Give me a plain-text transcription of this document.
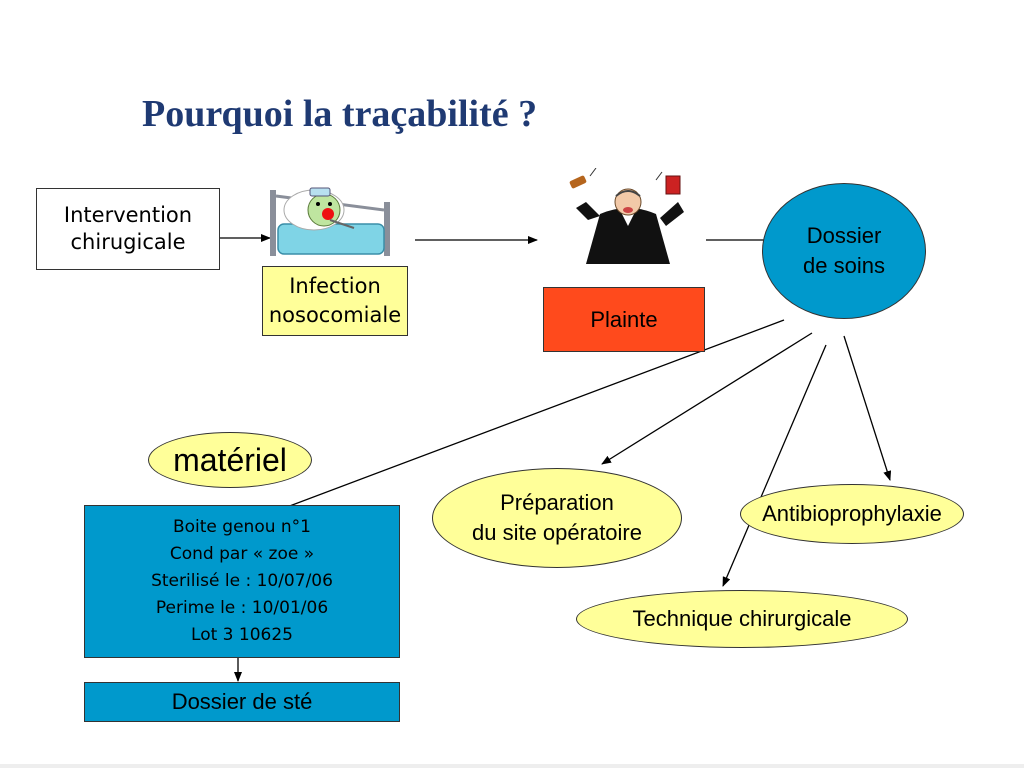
Pourquoi la traçabilité ?
Intervention
chirugicale
Infection
nosocomiale	Plainte
Dossier
de soins
matériel
Boite genou n°1
Cond par « zoe »
Sterilisé le : 10/07/06
Perime le : 10/01/06
Lot 3 10625
Dossier de sté
Préparation
du site opératoire
Antibioprophylaxie
Technique chirurgicale
